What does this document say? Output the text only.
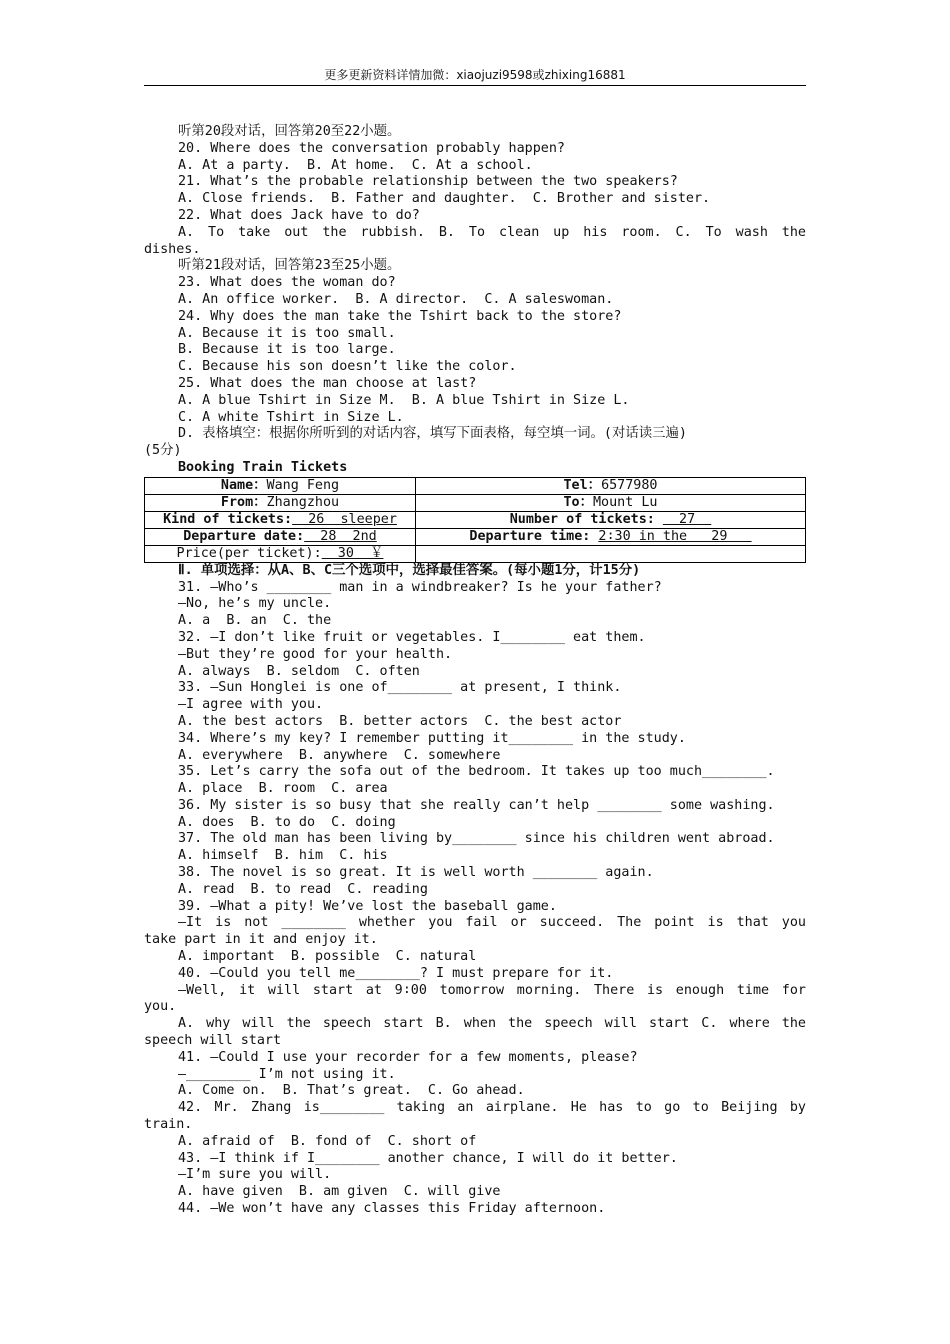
更多更新资料详情加微：xiaojuzi9598或zhixing16881
听第20段对话，回答第20至22小题。
20. Where does the conversation probably happen?
A. At a party.  B. At home.  C. At a school.
21. What’s the probable relationship between the two speakers?
A. Close friends.  B. Father and daughter.  C. Brother and sister.
22. What does Jack have to do?
A. To take out the rubbish. B. To clean up his room. C. To wash the
dishes.
听第21段对话，回答第23至25小题。
23. What does the woman do?
A. An office worker.  B. A director.  C. A saleswoman.
24. Why does the man take the Tshirt back to the store?
A. Because it is too small.
B. Because it is too large.
C. Because his son doesn’t like the color.
25. What does the man choose at last?
A. A blue Tshirt in Size M.  B. A blue Tshirt in Size L.
C. A white Tshirt in Size L.
D. 表格填空：根据你所听到的对话内容，填写下面表格，每空填一词。(对话读三遍)
(5分)
Booking Train Tickets
Name：Wang Feng	Tel：6577980
From：Zhangzhou	To：Mount Lu
Kind of tickets:  26  sleeper	Number of tickets:   27
Departure date:  28  2nd	Departure time: 2∶30 in the   29
Price(per ticket):  30  ￥	
Ⅱ. 单项选择：从A、B、C三个选项中，选择最佳答案。(每小题1分，计15分)
31. —Who’s ________ man in a windbreaker? Is he your father?
—No, he’s my uncle.
A. a  B. an  C. the
32. —I don’t like fruit or vegetables. I________ eat them.
—But they’re good for your health.
A. always  B. seldom  C. often
33. —Sun Honglei is one of________ at present, I think.
—I agree with you.
A. the best actors  B. better actors  C. the best actor
34. Where’s my key? I remember putting it________ in the study.
A. everywhere  B. anywhere  C. somewhere
35. Let’s carry the sofa out of the bedroom. It takes up too much________.
A. place  B. room  C. area
36. My sister is so busy that she really can’t help ________ some washing.
A. does  B. to do  C. doing
37. The old man has been living by________ since his children went abroad.
A. himself  B. him  C. his
38. The novel is so great. It is well worth ________ again.
A. read  B. to read  C. reading
39. —What a pity! We’ve lost the baseball game.
—It is not ________ whether you fail or succeed. The point is that you
take part in it and enjoy it.
A. important  B. possible  C. natural
40. —Could you tell me________? I must prepare for it.
—Well, it will start at 9∶00 tomorrow morning. There is enough time for
you.
A. why will the speech start B. when the speech will start C. where the
speech will start
41. —Could I use your recorder for a few moments, please?
—________ I’m not using it.
A. Come on.  B. That’s great.  C. Go ahead.
42. Mr. Zhang is________ taking an airplane. He has to go to Beijing by
train.
A. afraid of  B. fond of  C. short of
43. —I think if I________ another chance, I will do it better.
—I’m sure you will.
A. have given  B. am given  C. will give
44. —We won’t have any classes this Friday afternoon.
